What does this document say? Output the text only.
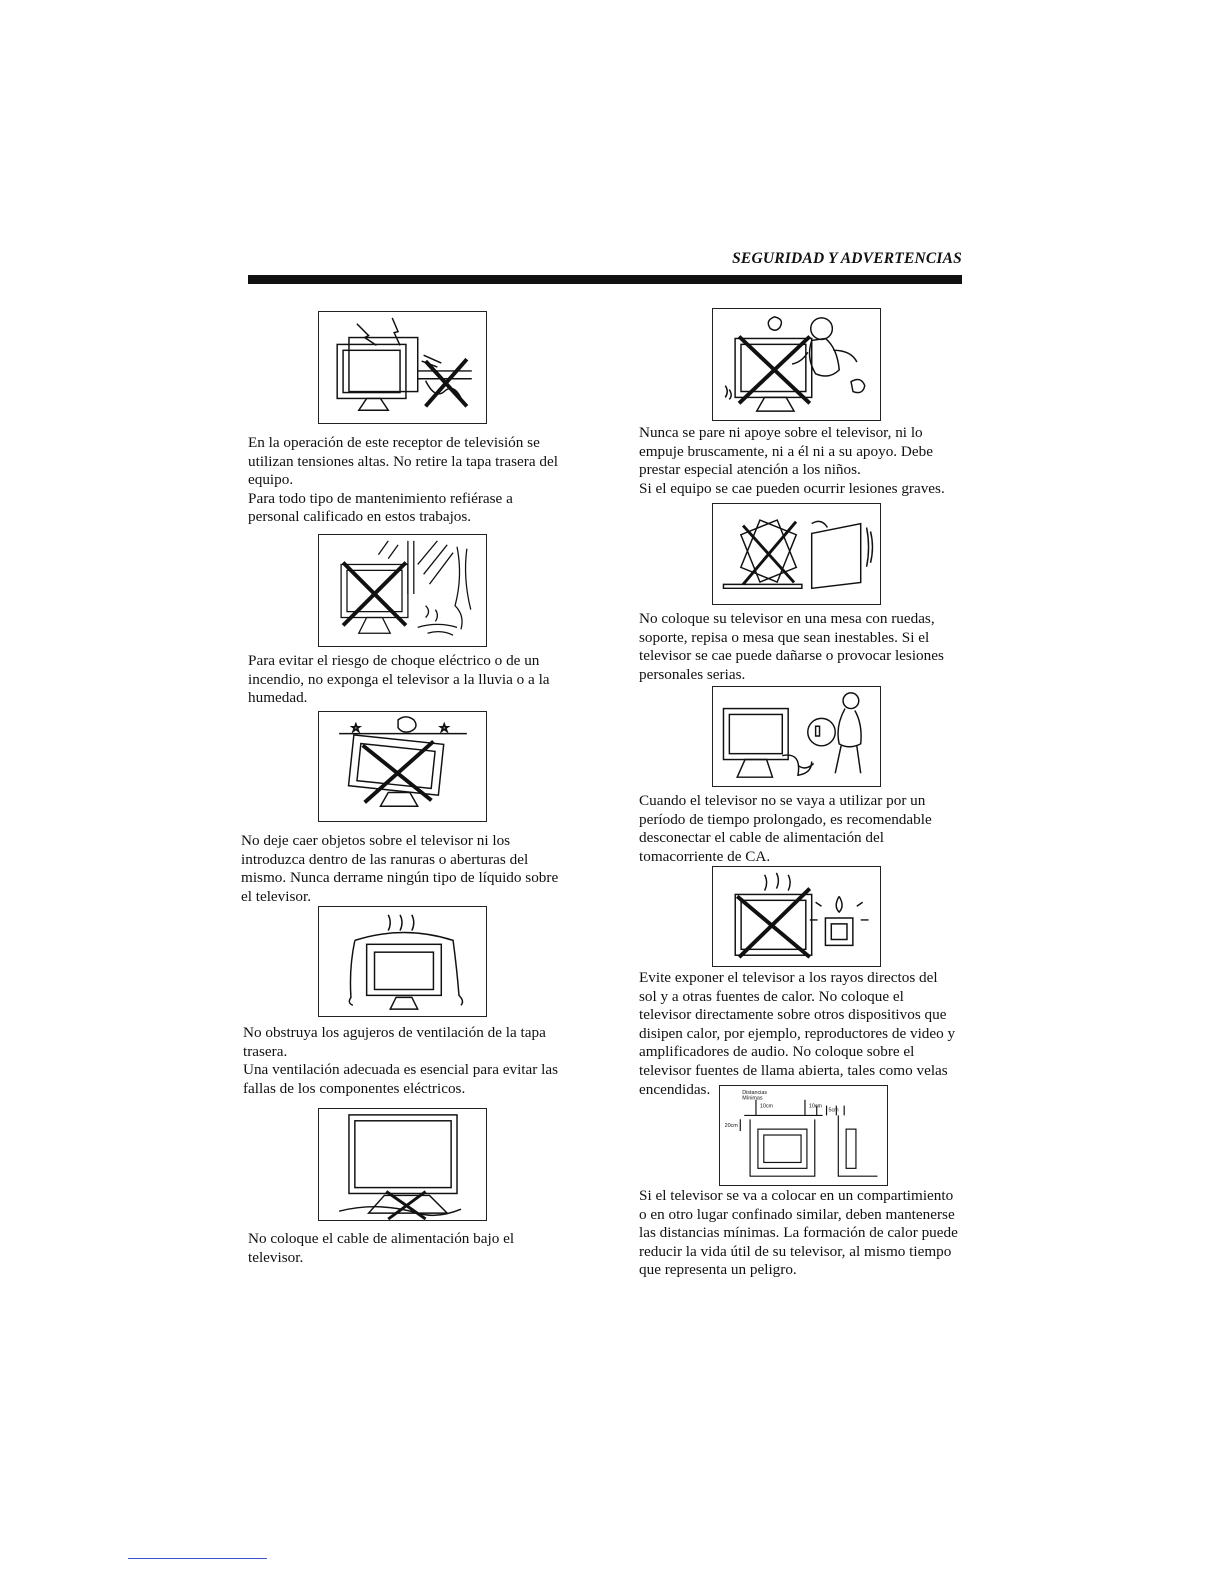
SEGURIDAD Y ADVERTENCIAS
En la operación de este receptor de televisión se
utilizan tensiones altas. No retire la tapa trasera del
equipo.
Para todo tipo de mantenimiento refiérase a
personal calificado en estos trabajos.
Para evitar el riesgo de choque eléctrico o de un
incendio, no exponga el televisor a la lluvia o a la
humedad.
No deje caer objetos sobre el televisor ni los
introduzca dentro de las ranuras o aberturas del
mismo. Nunca derrame ningún tipo de líquido sobre
el televisor.
No obstruya los agujeros de ventilación de la tapa
trasera.
Una ventilación adecuada es esencial para evitar las
fallas de los componentes eléctricos.
No coloque el cable de alimentación bajo el
televisor.
Nunca se pare ni apoye sobre el televisor, ni lo
empuje bruscamente, ni a él ni a su apoyo. Debe
prestar especial atención a los niños.
Si el equipo se cae pueden ocurrir lesiones graves.
No coloque su televisor en una mesa con ruedas,
soporte, repisa o mesa que sean inestables. Si el
televisor se cae puede dañarse o provocar lesiones
personales serias.
Cuando el televisor no se vaya a utilizar por un
período de tiempo prolongado, es recomendable
desconectar el cable de alimentación del
tomacorriente de CA.
Evite exponer el televisor a los rayos directos del
sol y a otras fuentes de calor. No coloque el
televisor directamente sobre otros dispositivos que
disipen calor, por ejemplo, reproductores de video y
amplificadores de audio. No coloque sobre el
televisor fuentes de llama abierta, tales como velas
encendidas.	Distancias
Mínimas
10cm	10cm
5cm
20cm
Si el televisor se va a colocar en un compartimiento
o en otro lugar confinado similar, deben mantenerse
las distancias mínimas. La formación de calor puede
reducir la vida útil de su televisor, al mismo tiempo
que representa un peligro.
